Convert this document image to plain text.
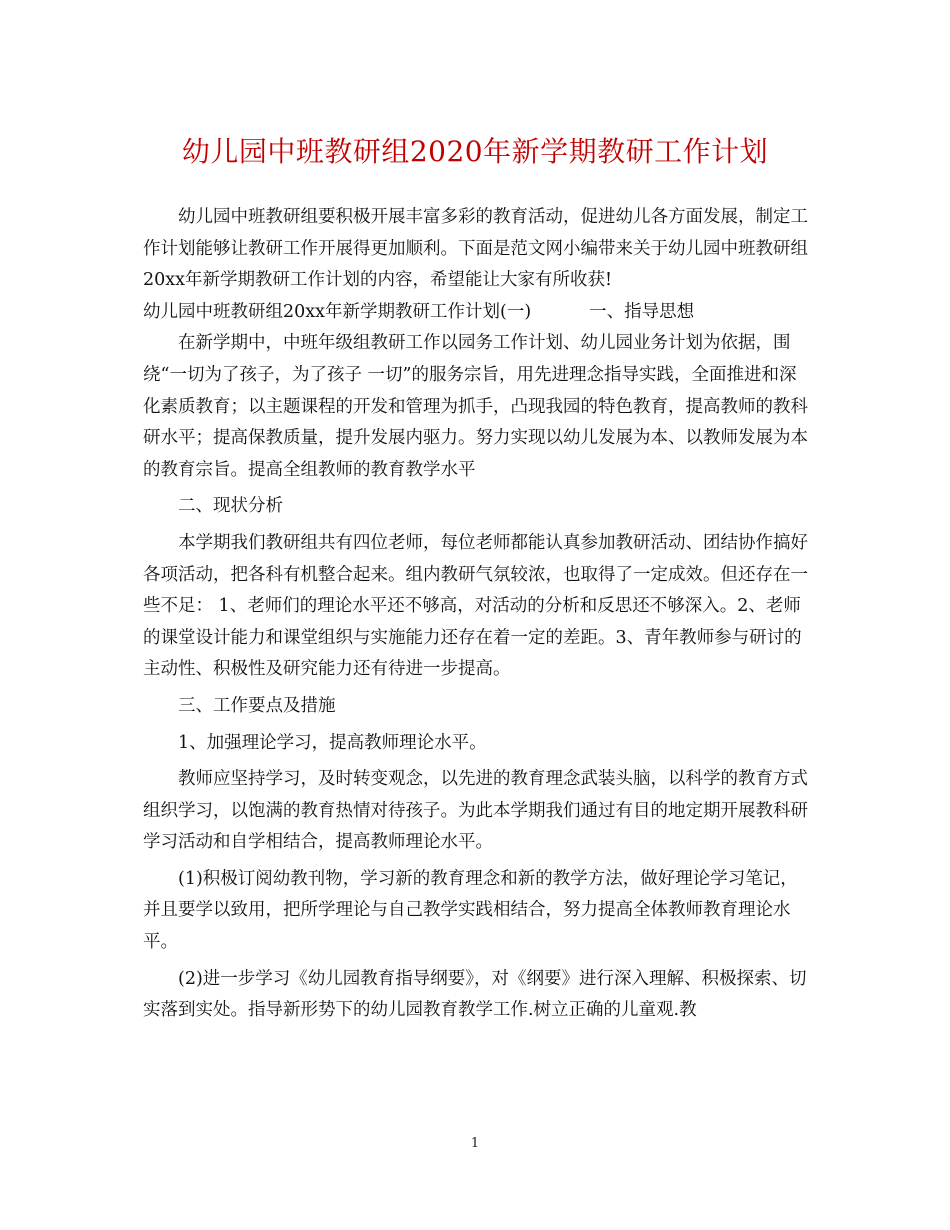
幼儿园中班教研组2020年新学期教研工作计划

幼儿园中班教研组要积极开展丰富多彩的教育活动，促进幼儿各方面发展，制定工作计划能够让教研工作开展得更加顺利。下面是范文网小编带来关于幼儿园中班教研组20xx年新学期教研工作计划的内容，希望能让大家有所收获!

幼儿园中班教研组20xx年新学期教研工作计划(一)	一、指导思想

在新学期中，中班年级组教研工作以园务工作计划、幼儿园业务计划为依据，围绕“一切为了孩子，为了孩子 一切”的服务宗旨，用先进理念指导实践，全面推进和深化素质教育；以主题课程的开发和管理为抓手，凸现我园的特色教育，提高教师的教科研水平；提高保教质量，提升发展内驱力。努力实现以幼儿发展为本、以教师发展为本的教育宗旨。提高全组教师的教育教学水平

二、现状分析

本学期我们教研组共有四位老师，每位老师都能认真参加教研活动、团结协作搞好各项活动，把各科有机整合起来。组内教研气氛较浓，也取得了一定成效。但还存在一些不足： 1、老师们的理论水平还不够高，对活动的分析和反思还不够深入。2、老师的课堂设计能力和课堂组织与实施能力还存在着一定的差距。3、青年教师参与研讨的主动性、积极性及研究能力还有待进一步提高。

三、工作要点及措施

1、加强理论学习，提高教师理论水平。

教师应坚持学习，及时转变观念，以先进的教育理念武装头脑，以科学的教育方式组织学习，以饱满的教育热情对待孩子。为此本学期我们通过有目的地定期开展教科研学习活动和自学相结合，提高教师理论水平。

(1)积极订阅幼教刊物，学习新的教育理念和新的教学方法，做好理论学习笔记，并且要学以致用，把所学理论与自己教学实践相结合，努力提高全体教师教育理论水平。

(2)进一步学习《幼儿园教育指导纲要》，对《纲要》进行深入理解、积极探索、切实落到实处。指导新形势下的幼儿园教育教学工作.树立正确的儿童观.教

1
